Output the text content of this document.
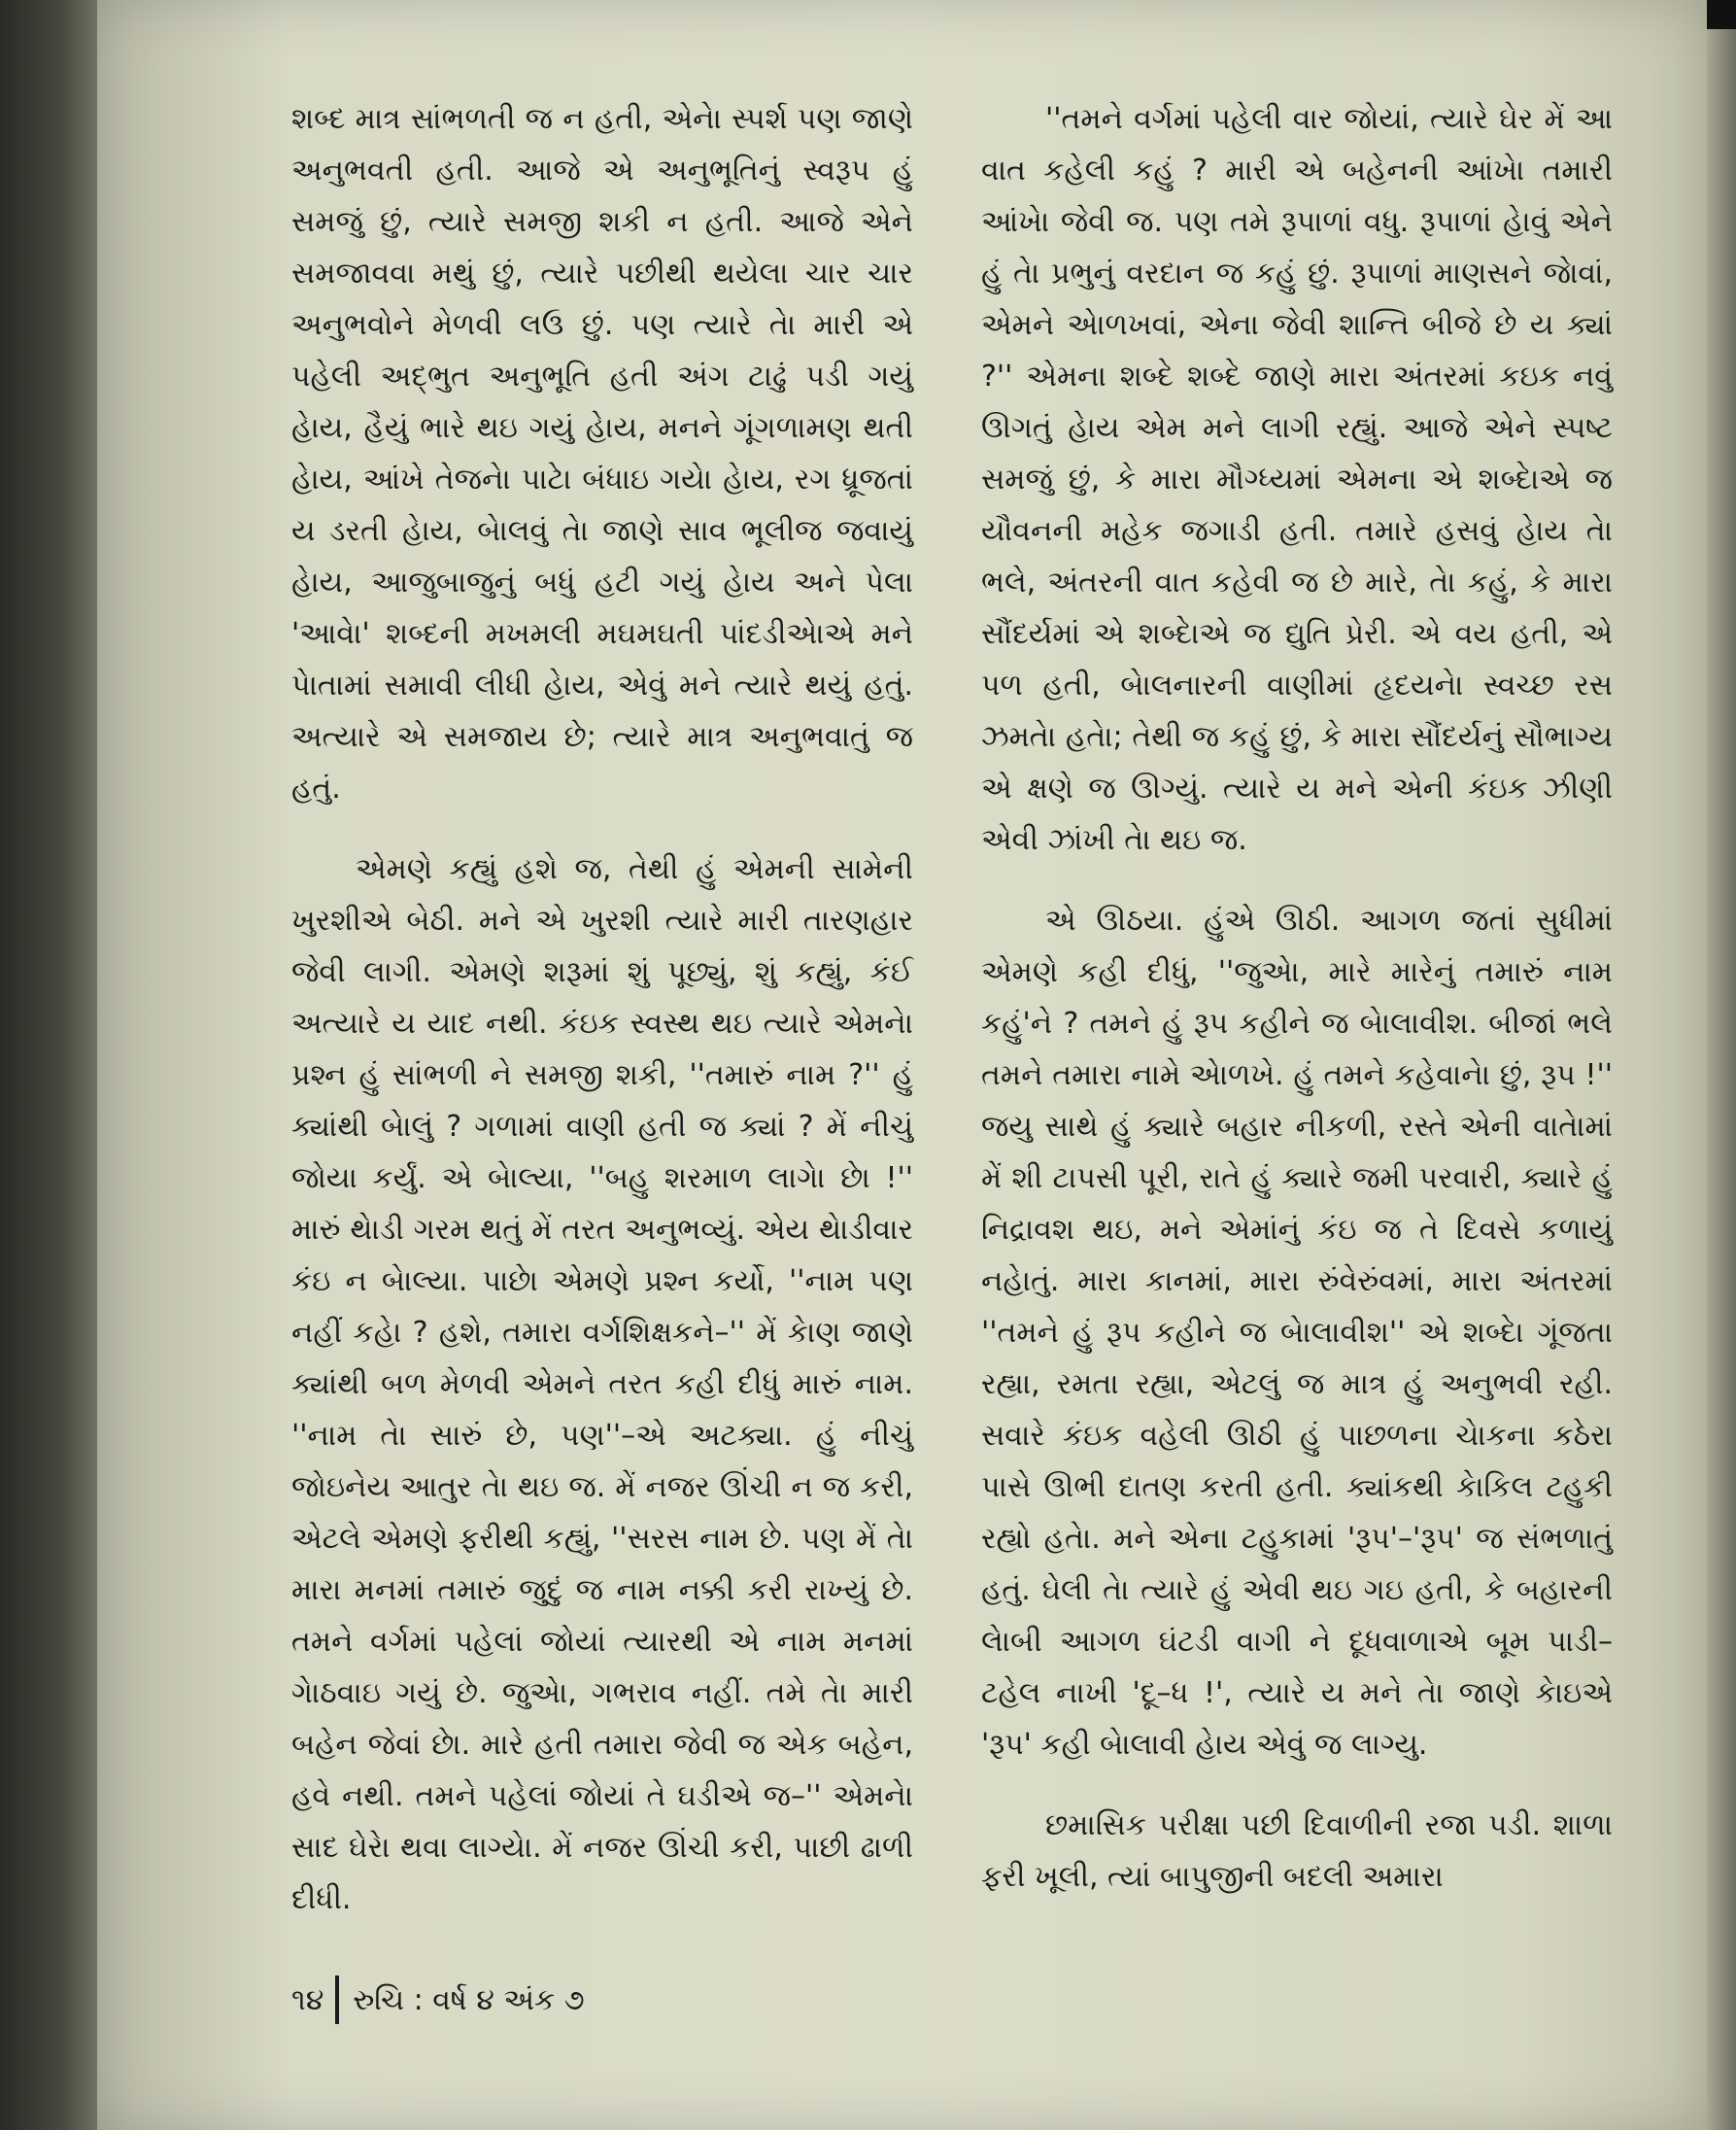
શબ્દ માત્ર સાંભળતી જ ન હતી, એનેા સ્પર્શ પણ જાણે અનુભવતી હતી. આજે એ અનુભૂતિનું સ્વરૂપ હું સમજું છું, ત્યારે સમજી શકી ન હતી. આજે એને સમજાવવા મથું છું, ત્યારે પછીથી થયેલા ચાર ચાર અનુભવોને મેળવી લઉ છું. પણ ત્યારે તેા મારી એ પહેલી અદ્ભુત અનુભૂતિ હતી અંગ ટાઢું પડી ગયું હેાય, હૈયું ભારે થઇ ગયું હેાય, મનને ગૂંગળામણ થતી હેાય, આંખે તેજનેા પાટેા બંધાઇ ગયેા હેાય, રગ ધ્રૂજતાં ય ડરતી હેાય, બેાલવું તેા જાણે સાવ ભૂલીજ જવાયું હેાય, આજુબાજુનું બધું હટી ગયું હેાય અને પેલા 'આવેા' શબ્દની મખમલી મઘમઘતી પાંદડીએાએ મને પેાતામાં સમાવી લીધી હેાય, એવું મને ત્યારે થયું હતું. અત્યારે એ સમજાય છે; ત્યારે માત્ર અનુભવાતું જ હતું.

એમણે કહ્યું હશે જ, તેથી હું એમની સામેની ખુરશીએ બેઠી. મને એ ખુરશી ત્યારે મારી તારણહાર જેવી લાગી. એમણે શરૂમાં શું પૂછ્યું, શું કહ્યું, કંઈ અત્યારે ય યાદ નથી. કંઇક સ્વસ્થ થઇ ત્યારે એમનેા પ્રશ્ન હું સાંભળી ને સમજી શકી, ''તમારું નામ ?'' હું ક્યાંથી બેાલું ? ગળામાં વાણી હતી જ ક્યાં ? મેં નીચું જોયા કર્યું. એ બેાલ્યા, ''બહુ શરમાળ લાગેા છેા !'' મારું થેાડી ગરમ થતું મેં તરત અનુભવ્યું. એય થેાડીવાર કંઇ ન બેાલ્યા. પાછેા એમણે પ્રશ્ન કર્યો, ''નામ પણ નહીં કહેા ? હશે, તમારા વર્ગશિક્ષકને–'' મેં કેાણ જાણે ક્યાંથી બળ મેળવી એમને તરત કહી દીધું મારું નામ. ''નામ તેા સારું છે, પણ''–એ અટક્યા. હું નીચું જોઇનેય આતુર તેા થઇ જ. મેં નજર ઊંચી ન જ કરી, એટલે એમણે ફરીથી કહ્યું, ''સરસ નામ છે. પણ મેં તેા મારા મનમાં તમારું જુદું જ નામ નક્કી કરી રાખ્યું છે. તમને વર્ગમાં પહેલાં જોયાં ત્યારથી એ નામ મનમાં ગેાઠવાઇ ગયું છે. જુએા, ગભરાવ નહીં. તમે તેા મારી બહેન જેવાં છેા. મારે હતી તમારા જેવી જ એક બહેન, હવે નથી. તમને પહેલાં જોયાં તે ઘડીએ જ–'' એમનેા સાદ ઘેરેા થવા લાગ્યેા. મેં નજર ઊંચી કરી, પાછી ઢાળી દીધી.

''તમને વર્ગમાં પહેલી વાર જોયાં, ત્યારે ઘેર મેં આ વાત કહેલી કહું ? મારી એ બહેનની આંખેા તમારી આંખેા જેવી જ. પણ તમે રૂપાળાં વધુ. રૂપાળાં હેાવું એને હું તેા પ્રભુનું વરદાન જ કહું છું. રૂપાળાં માણસને જેાવાં, એમને એાળખવાં, એના જેવી શાન્તિ બીજે છે ય ક્યાં ?'' એમના શબ્દે શબ્દે જાણે મારા અંતરમાં કઇક નવું ઊગતું હેાય એમ મને લાગી રહ્યું. આજે એને સ્પષ્ટ સમજું છું, કે મારા મૌગ્ધ્યમાં એમના એ શબ્દેાએ જ યૌવનની મહેક જગાડી હતી. તમારે હસવું હેાય તેા ભલે, અંતરની વાત કહેવી જ છે મારે, તેા કહું, કે મારા સૌંદર્યમાં એ શબ્દેાએ જ દ્યુતિ પ્રેરી. એ વય હતી, એ પળ હતી, બેાલનારની વાણીમાં હૃદયનેા સ્વચ્છ રસ ઝમતેા હતેા; તેથી જ કહું છું, કે મારા સૌંદર્યનું સૌભાગ્ય એ ક્ષણે જ ઊગ્યું. ત્યારે ય મને એની કંઇક ઝીણી એવી ઝાંખી તેા થઇ જ.

એ ઊઠયા. હુંએ ઊઠી. આગળ જતાં સુધીમાં એમણે કહી દીધું, ''જુએા, મારે મારેનું તમારું નામ કહું'ને ? તમને હું રૂપ કહીને જ બેાલાવીશ. બીજાં ભલે તમને તમારા નામે એાળખે. હું તમને કહેવાનેા છું, રૂપ !'' જયુ સાથે હું ક્યારે બહાર નીકળી, રસ્તે એની વાતેામાં મેં શી ટાપસી પૂરી, રાતે હું ક્યારે જમી પરવારી, ક્યારે હું નિદ્રાવશ થઇ, મને એમાંનું કંઇ જ તે દિવસે કળાયું નહેાતું. મારા કાનમાં, મારા રુંવેરુંવમાં, મારા અંતરમાં ''તમને હું રૂપ કહીને જ બેાલાવીશ'' એ શબ્દેા ગૂંજતા રહ્યા, રમતા રહ્યા, એટલું જ માત્ર હું અનુભવી રહી. સવારે કંઇક વહેલી ઊઠી હું પાછળના ચેાકના કઠેરા પાસે ઊભી દાતણ કરતી હતી. ક્યાંકથી કેાકિલ ટહુકી રહ્યો હતેા. મને એના ટહુકામાં 'રૂપ'–'રૂપ' જ સંભળાતું હતું. ઘેલી તેા ત્યારે હું એવી થઇ ગઇ હતી, કે બહારની લેાબી આગળ ઘંટડી વાગી ને દૂધવાળાએ બૂમ પાડી–ટહેલ નાખી 'દૂ–ધ !', ત્યારે ય મને તેા જાણે કેાઇએ 'રૂપ' કહી બેાલાવી હેાય એવું જ લાગ્યુ.

છમાસિક પરીક્ષા પછી દિવાળીની રજા પડી. શાળા ફરી ખૂલી, ત્યાં બાપુજીની બદલી અમારા

૧૪	રુચિ : વર્ષ ૪ અંક ૭
